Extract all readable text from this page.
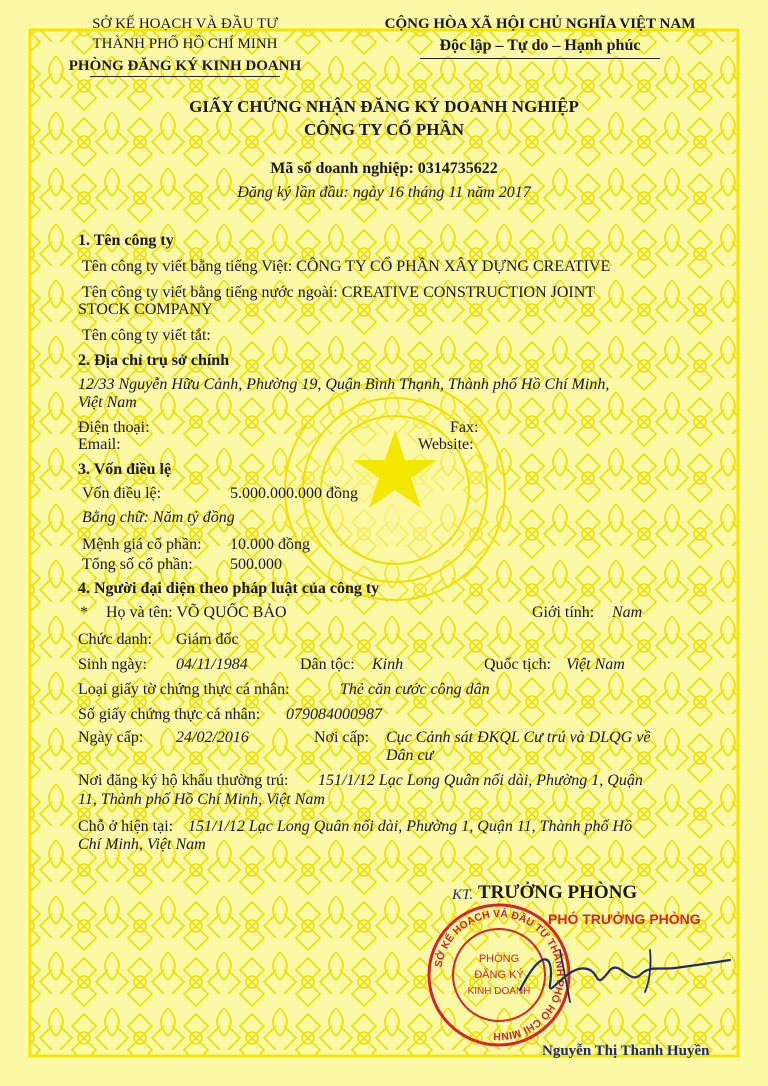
SỞ KẾ HOẠCH VÀ ĐẦU TƯ
THÀNH PHỐ HỒ CHÍ MINH
PHÒNG ĐĂNG KÝ KINH DOANH
CỘNG HÒA XÃ HỘI CHỦ NGHĨA VIỆT NAM
Độc lập – Tự do – Hạnh phúc
GIẤY CHỨNG NHẬN ĐĂNG KÝ DOANH NGHIỆP
CÔNG TY CỔ PHẦN
Mã số doanh nghiệp: 0314735622
Đăng ký lần đầu: ngày 16 tháng 11 năm 2017
1. Tên công ty
Tên công ty viết bằng tiếng Việt: CÔNG TY CỔ PHẦN XÂY DỰNG CREATIVE
Tên công ty viết bằng tiếng nước ngoài: CREATIVE CONSTRUCTION JOINT
STOCK COMPANY
Tên công ty viết tắt:
2. Địa chỉ trụ sở chính
12/33 Nguyễn Hữu Cảnh, Phường 19, Quận Bình Thạnh, Thành phố Hồ Chí Minh,
Việt Nam
Điện thoại:	Fax:
Email:	Website:
3. Vốn điều lệ
Vốn điều lệ:	5.000.000.000 đồng
Bằng chữ: Năm tỷ đồng
Mệnh giá cổ phần: 10.000 đồng
Tổng số cổ phần: 500.000
4. Người đại diện theo pháp luật của công ty
* Họ và tên: VÕ QUỐC BẢO	Giới tính: Nam
Chức danh: Giám đốc
Sinh ngày: 04/11/1984	Dân tộc: Kinh	Quốc tịch: Việt Nam
Loại giấy tờ chứng thực cá nhân:	Thẻ căn cước công dân
Số giấy chứng thực cá nhân: 079084000987
Ngày cấp: 24/02/2016	Nơi cấp: Cục Cảnh sát ĐKQL Cư trú và DLQG về
Dân cư
Nơi đăng ký hộ khẩu thường trú: 151/1/12 Lạc Long Quân nối dài, Phường 1, Quận
11, Thành phố Hồ Chí Minh, Việt Nam
Chỗ ở hiện tại: 151/1/12 Lạc Long Quân nối dài, Phường 1, Quận 11, Thành phố Hồ
Chí Minh, Việt Nam
KT. TRƯỞNG PHÒNG
PHÓ TRƯỞNG PHÒNG
SỞ KẾ HOẠCH VÀ ĐẦU TƯ THÀNH PHỐ HỒ CHÍ MINH
PHÒNG
ĐĂNG KÝ
KINH DOANH
Nguyễn Thị Thanh Huyền
